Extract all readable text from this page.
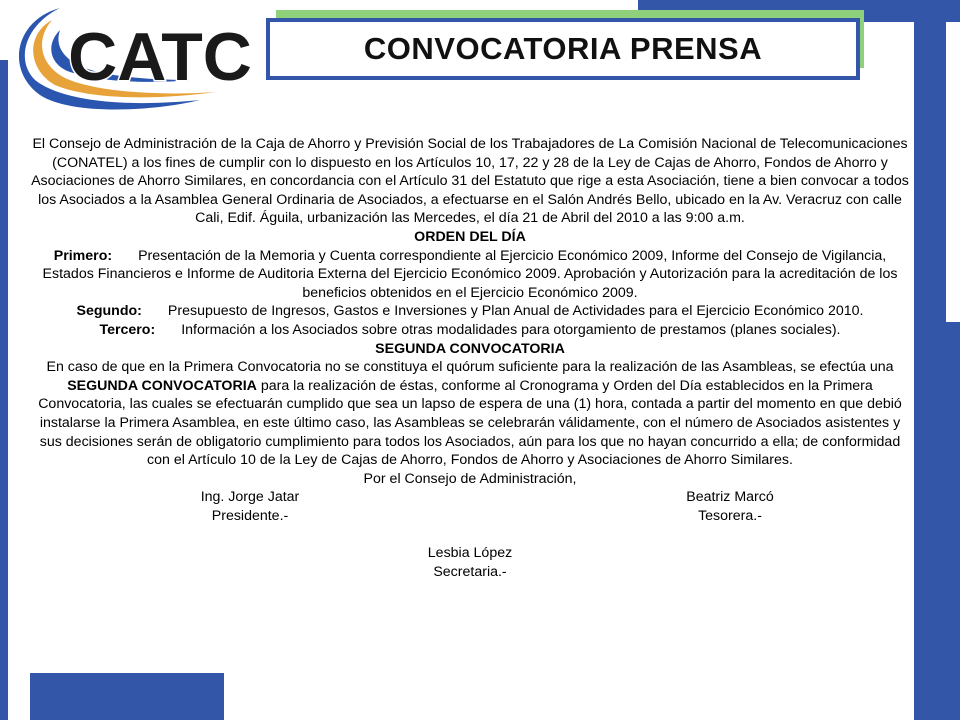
CATC	CONVOCATORIA PRENSA

El Consejo de Administración de la Caja de Ahorro y Previsión Social de los Trabajadores de La Comisión Nacional de Telecomunicaciones (CONATEL) a los fines de cumplir con lo dispuesto en los Artículos 10, 17, 22 y 28 de la Ley de Cajas de Ahorro, Fondos de Ahorro y Asociaciones de Ahorro Similares, en concordancia con el Artículo 31 del Estatuto que rige a esta Asociación, tiene a bien convocar a todos los Asociados a la Asamblea General Ordinaria de Asociados, a efectuarse en el Salón Andrés Bello, ubicado en la Av. Veracruz con calle Cali, Edif. Águila, urbanización las Mercedes, el día 21 de Abril del 2010 a las 9:00 a.m.

ORDEN DEL DÍA

Primero: Presentación de la Memoria y Cuenta correspondiente al Ejercicio Económico 2009, Informe del Consejo de Vigilancia, Estados Financieros e Informe de Auditoria Externa del Ejercicio Económico 2009. Aprobación y Autorización para la acreditación de los beneficios obtenidos en el Ejercicio Económico 2009.

Segundo: Presupuesto de Ingresos, Gastos e Inversiones y Plan Anual de Actividades para el Ejercicio Económico 2010.

Tercero: Información a los Asociados sobre otras modalidades para otorgamiento de prestamos (planes sociales).

SEGUNDA CONVOCATORIA

En caso de que en la Primera Convocatoria no se constituya el quórum suficiente para la realización de las Asambleas, se efectúa una SEGUNDA CONVOCATORIA para la realización de éstas, conforme al Cronograma y Orden del Día establecidos en la Primera Convocatoria, las cuales se efectuarán cumplido que sea un lapso de espera de una (1) hora, contada a partir del momento en que debió instalarse la Primera Asamblea, en este último caso, las Asambleas se celebrarán válidamente, con el número de Asociados asistentes y sus decisiones serán de obligatorio cumplimiento para todos los Asociados, aún para los que no hayan concurrido a ella; de conformidad con el Artículo 10 de la Ley de Cajas de Ahorro, Fondos de Ahorro y Asociaciones de Ahorro Similares.

Por el Consejo de Administración,

Ing. Jorge Jatar	Beatriz Marcó
Presidente.-	Tesorera.-

Lesbia López

Secretaria.-
